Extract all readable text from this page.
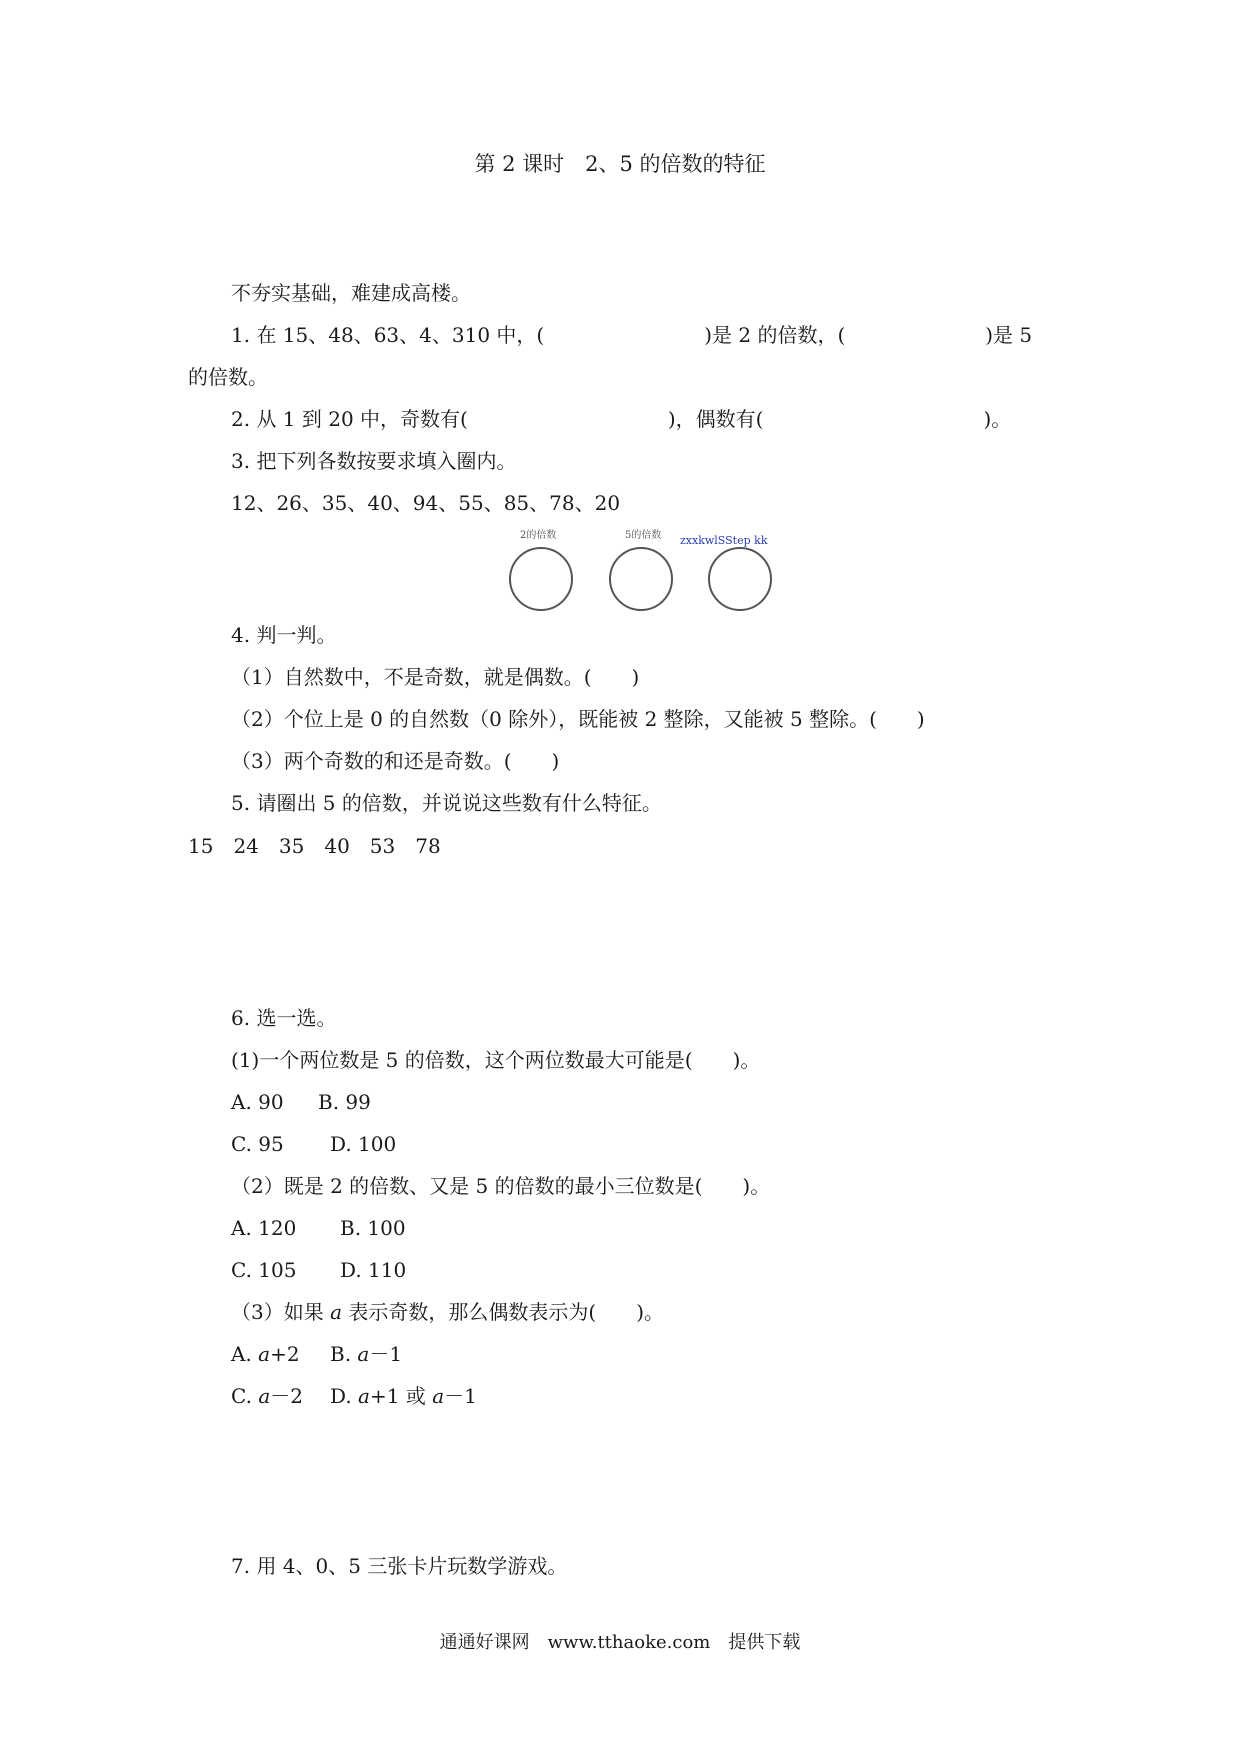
第 2 课时　2、5 的倍数的特征
不夯实基础，难建成高楼。
1. 在 15、48、63、4、310 中，(　　　　　　　　)是 2 的倍数，(　　　　　　　)是 5
的倍数。
2. 从 1 到 20 中，奇数有(　　　　　　　　　　)，偶数有(　　　　　　　　　　　)。
3. 把下列各数按要求填入圈内。
12、26、35、40、94、55、85、78、20
2的倍数	5的倍数 zxxkwlSStep kk
4. 判一判。
（1）自然数中，不是奇数，就是偶数。(　　)
（2）个位上是 0 的自然数（0 除外），既能被 2 整除，又能被 5 整除。(　　)
（3）两个奇数的和还是奇数。(　　)
5. 请圈出 5 的倍数，并说说这些数有什么特征。
15　24　35　40　53　78
6. 选一选。
(1)一个两位数是 5 的倍数，这个两位数最大可能是(　　)。
A. 90 B. 99
C. 95 D. 100
（2）既是 2 的倍数、又是 5 的倍数的最小三位数是(　　)。
A. 120 B. 100
C. 105 D. 110
（3）如果 a 表示奇数，那么偶数表示为(　　)。
A. a+2 B. a－1
C. a－2 D. a+1 或 a－1
7. 用 4、0、5 三张卡片玩数学游戏。
通通好课网　www.tthaoke.com　提供下载
